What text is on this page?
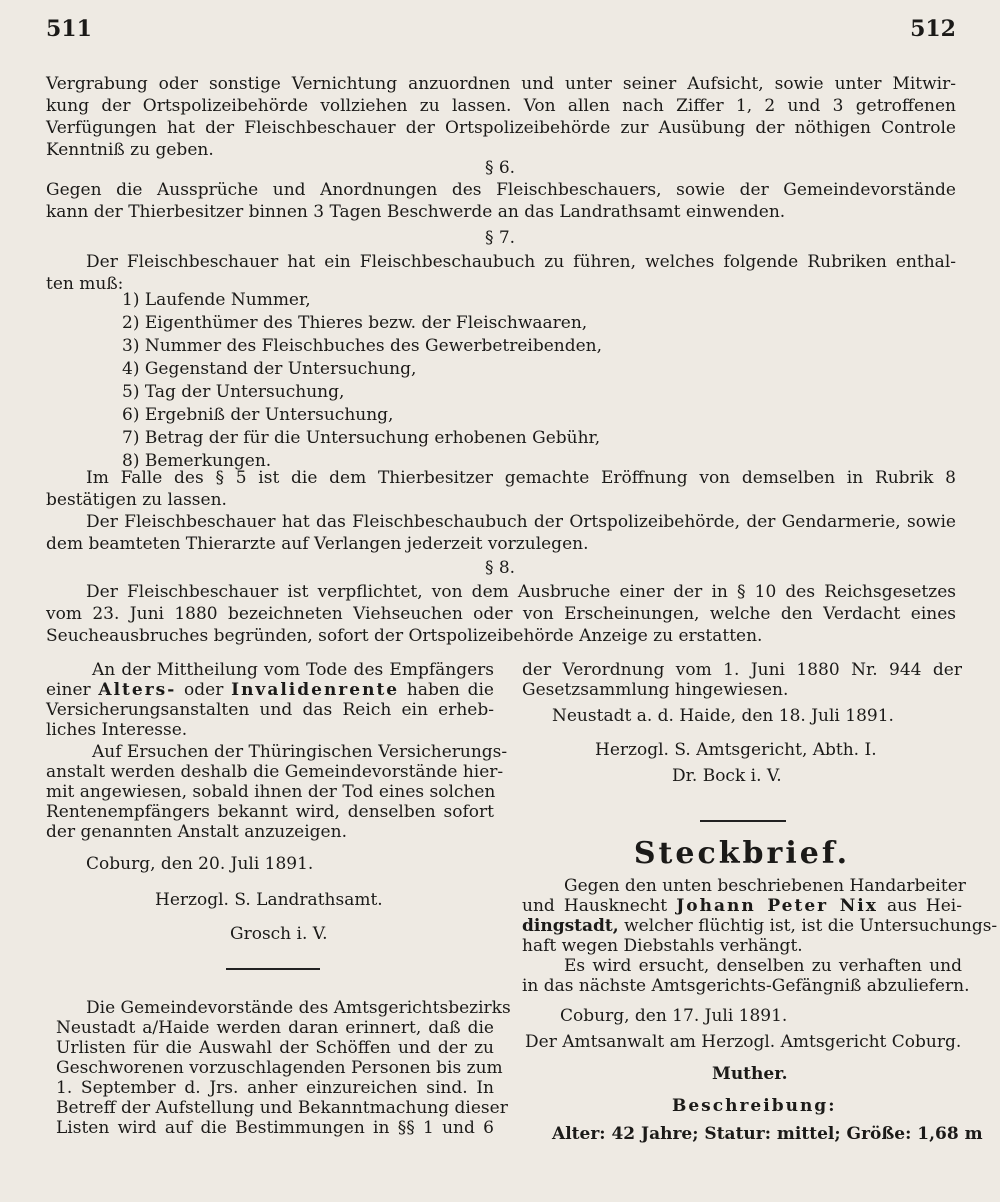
511	512
Vergrabung oder sonstige Vernichtung anzuordnen und unter seiner Aufsicht, sowie unter Mitwir-
kung der Ortspolizeibehörde vollziehen zu lassen. Von allen nach Ziffer 1, 2 und 3 getroffenen
Verfügungen hat der Fleischbeschauer der Ortspolizeibehörde zur Ausübung der nöthigen Controle
Kenntniß zu geben.
§ 6.
Gegen die Aussprüche und Anordnungen des Fleischbeschauers, sowie der Gemeindevorstände
kann der Thierbesitzer binnen 3 Tagen Beschwerde an das Landrathsamt einwenden.
§ 7.
Der Fleischbeschauer hat ein Fleischbeschaubuch zu führen, welches folgende Rubriken enthal-
ten muß:
1) Laufende Nummer,
2) Eigenthümer des Thieres bezw. der Fleischwaaren,
3) Nummer des Fleischbuches des Gewerbetreibenden,
4) Gegenstand der Untersuchung,
5) Tag der Untersuchung,
6) Ergebniß der Untersuchung,
7) Betrag der für die Untersuchung erhobenen Gebühr,
8) Bemerkungen.
Im Falle des § 5 ist die dem Thierbesitzer gemachte Eröffnung von demselben in Rubrik 8
bestätigen zu lassen.
Der Fleischbeschauer hat das Fleischbeschaubuch der Ortspolizeibehörde, der Gendarmerie, sowie
dem beamteten Thierarzte auf Verlangen jederzeit vorzulegen.
§ 8.
Der Fleischbeschauer ist verpflichtet, von dem Ausbruche einer der in § 10 des Reichsgesetzes
vom 23. Juni 1880 bezeichneten Viehseuchen oder von Erscheinungen, welche den Verdacht eines
Seucheausbruches begründen, sofort der Ortspolizeibehörde Anzeige zu erstatten.

An der Mittheilung vom Tode des Empfängers

einer Alters- oder Invalidenrente haben die

Versicherungsanstalten und das Reich ein erheb-

liches Interesse.

Auf Ersuchen der Thüringischen Versicherungs-

anstalt werden deshalb die Gemeindevorstände hier-

mit angewiesen, sobald ihnen der Tod eines solchen

Rentenempfängers bekannt wird, denselben sofort

der genannten Anstalt anzuzeigen.

Coburg, den 20. Juli 1891.
Herzogl. S. Landrathsamt.
Grosch i. V.

Die Gemeindevorstände des Amtsgerichtsbezirks

Neustadt a/Haide werden daran erinnert, daß die

Urlisten für die Auswahl der Schöffen und der zu

Geschworenen vorzuschlagenden Personen bis zum

1. September d. Jrs. anher einzureichen sind. In

Betreff der Aufstellung und Bekanntmachung dieser

Listen wird auf die Bestimmungen in §§ 1 und 6

der Verordnung vom 1. Juni 1880 Nr. 944 der

Gesetzsammlung hingewiesen.

Neustadt a. d. Haide, den 18. Juli 1891.
Herzogl. S. Amtsgericht, Abth. I.
Dr. Bock i. V.
Steckbrief.

Gegen den unten beschriebenen Handarbeiter

und Hausknecht Johann Peter Nix aus Hei-

dingstadt, welcher flüchtig ist, ist die Untersuchungs-

haft wegen Diebstahls verhängt.

Es wird ersucht, denselben zu verhaften und

in das nächste Amtsgerichts-Gefängniß abzuliefern.

Coburg, den 17. Juli 1891.
Der Amtsanwalt am Herzogl. Amtsgericht Coburg.
Muther.
Beschreibung:
Alter: 42 Jahre; Statur: mittel; Größe: 1,68 m
